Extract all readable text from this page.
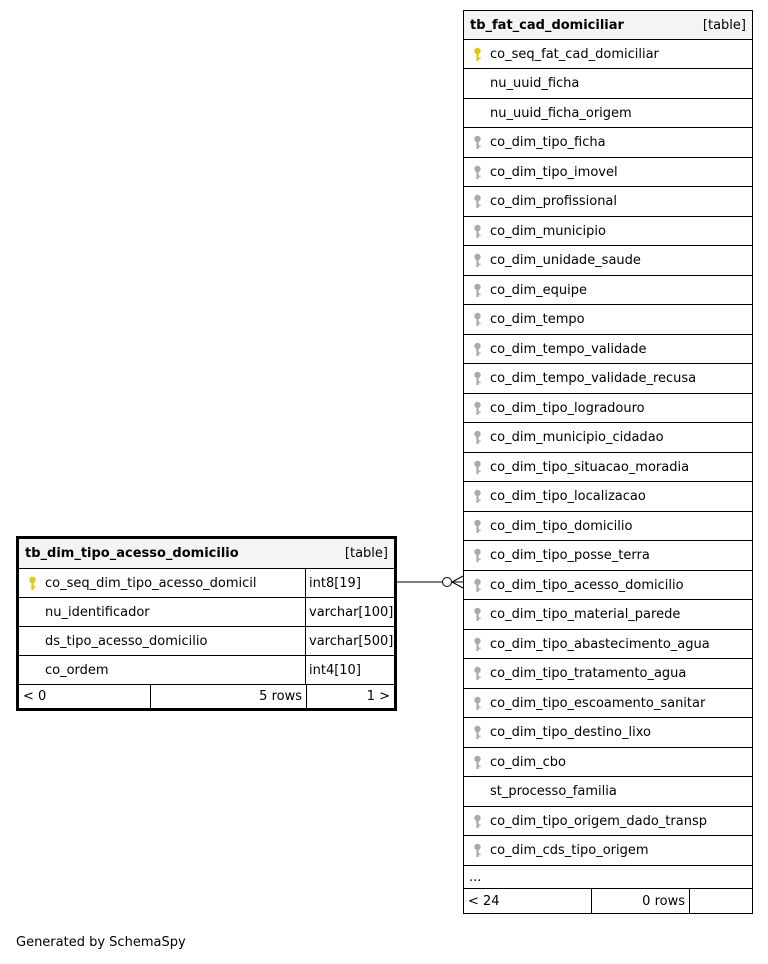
tb_fat_cad_domiciliar	[table]
co_seq_fat_cad_domiciliar
nu_uuid_ficha
nu_uuid_ficha_origem
co_dim_tipo_ficha
co_dim_tipo_imovel
co_dim_profissional
co_dim_municipio
co_dim_unidade_saude
co_dim_equipe
co_dim_tempo
co_dim_tempo_validade
co_dim_tempo_validade_recusa
co_dim_tipo_logradouro
co_dim_municipio_cidadao
co_dim_tipo_situacao_moradia
co_dim_tipo_localizacao
co_dim_tipo_domicilio
co_dim_tipo_posse_terra
co_dim_tipo_acesso_domicilio
co_dim_tipo_material_parede
co_dim_tipo_abastecimento_agua
co_dim_tipo_tratamento_agua
co_dim_tipo_escoamento_sanitar
co_dim_tipo_destino_lixo
co_dim_cbo
st_processo_familia
co_dim_tipo_origem_dado_transp
co_dim_cds_tipo_origem
...
< 24	0 rows
tb_dim_tipo_acesso_domicilio	[table]
co_seq_dim_tipo_acesso_domicil	int8[19]
nu_identificador	varchar[100]
ds_tipo_acesso_domicilio	varchar[500]
co_ordem	int4[10]
< 0	5 rows	1 >
Generated by SchemaSpy
